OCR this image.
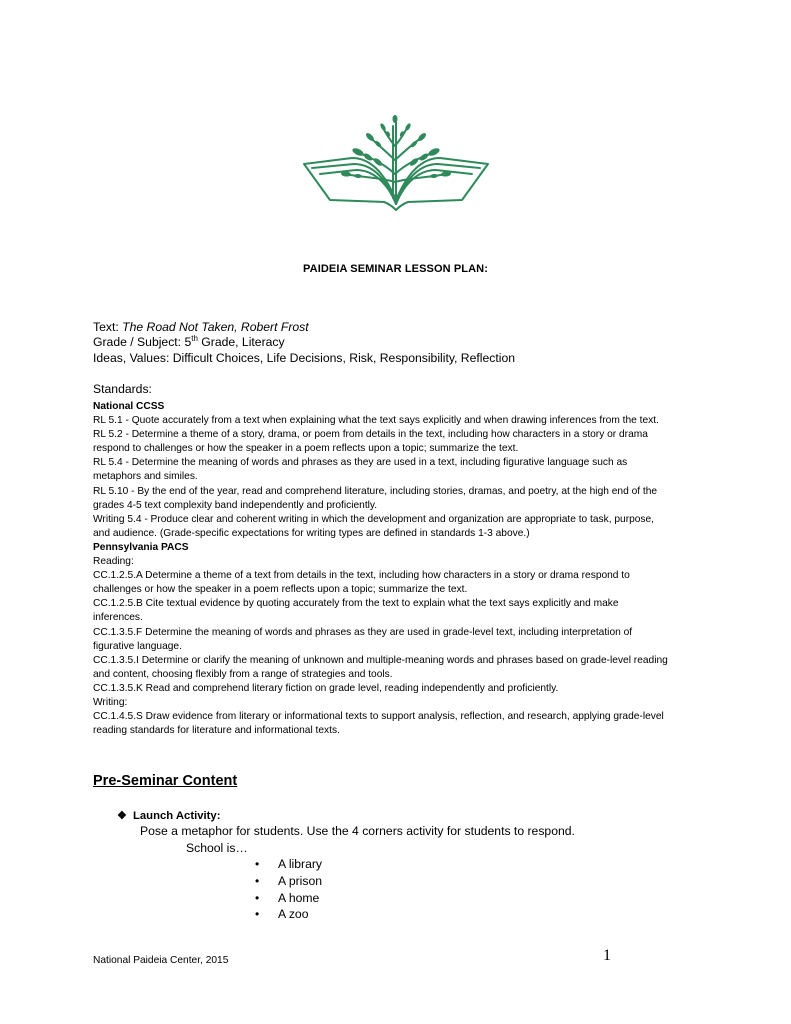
PAIDEIA SEMINAR LESSON PLAN:
Text: The Road Not Taken, Robert Frost
Grade / Subject: 5th Grade, Literacy
Ideas, Values: Difficult Choices, Life Decisions, Risk, Responsibility, Reflection
Standards:
National CCSS
RL 5.1 - Quote accurately from a text when explaining what the text says explicitly and when drawing inferences from the text.
RL 5.2 - Determine a theme of a story, drama, or poem from details in the text, including how characters in a story or drama
respond to challenges or how the speaker in a poem reflects upon a topic; summarize the text.
RL 5.4 - Determine the meaning of words and phrases as they are used in a text, including figurative language such as
metaphors and similes.
RL 5.10 - By the end of the year, read and comprehend literature, including stories, dramas, and poetry, at the high end of the
grades 4-5 text complexity band independently and proficiently.
Writing 5.4 - Produce clear and coherent writing in which the development and organization are appropriate to task, purpose,
and audience. (Grade-specific expectations for writing types are defined in standards 1-3 above.)
Pennsylvania PACS
Reading:
CC.1.2.5.A Determine a theme of a text from details in the text, including how characters in a story or drama respond to
challenges or how the speaker in a poem reflects upon a topic; summarize the text.
CC.1.2.5.B Cite textual evidence by quoting accurately from the text to explain what the text says explicitly and make
inferences.
CC.1.3.5.F Determine the meaning of words and phrases as they are used in grade-level text, including interpretation of
figurative language.
CC.1.3.5.I Determine or clarify the meaning of unknown and multiple-meaning words and phrases based on grade-level reading
and content, choosing flexibly from a range of strategies and tools.
CC.1.3.5.K Read and comprehend literary fiction on grade level, reading independently and proficiently.
Writing:
CC.1.4.5.S Draw evidence from literary or informational texts to support analysis, reflection, and research, applying grade-level
reading standards for literature and informational texts.
Pre-Seminar Content
❖ Launch Activity:
Pose a metaphor for students. Use the 4 corners activity for students to respond.
School is…
• A library
• A prison
• A home
• A zoo
National Paideia Center, 2015	1
